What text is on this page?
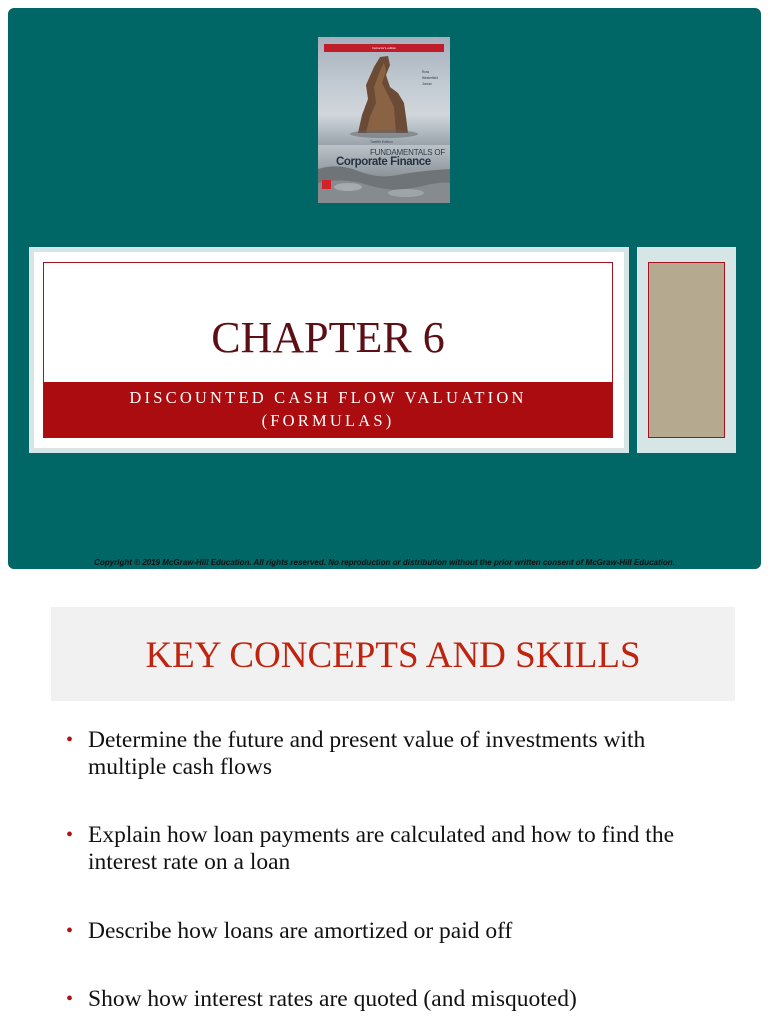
Instructor's edition
Ross
Westerfield
Jordan
Twelfth Edition
FUNDAMENTALS OF
Corporate Finance
CHAPTER 6
DISCOUNTED CASH FLOW VALUATION
(FORMULAS)
Copyright © 2019 McGraw-Hill Education. All rights reserved. No reproduction or distribution without the prior written consent of McGraw-Hill Education.
KEY CONCEPTS AND SKILLS
• Determine the future and present value of investments with
multiple cash flows
• Explain how loan payments are calculated and how to find the
interest rate on a loan
• Describe how loans are amortized or paid off
• Show how interest rates are quoted (and misquoted)
